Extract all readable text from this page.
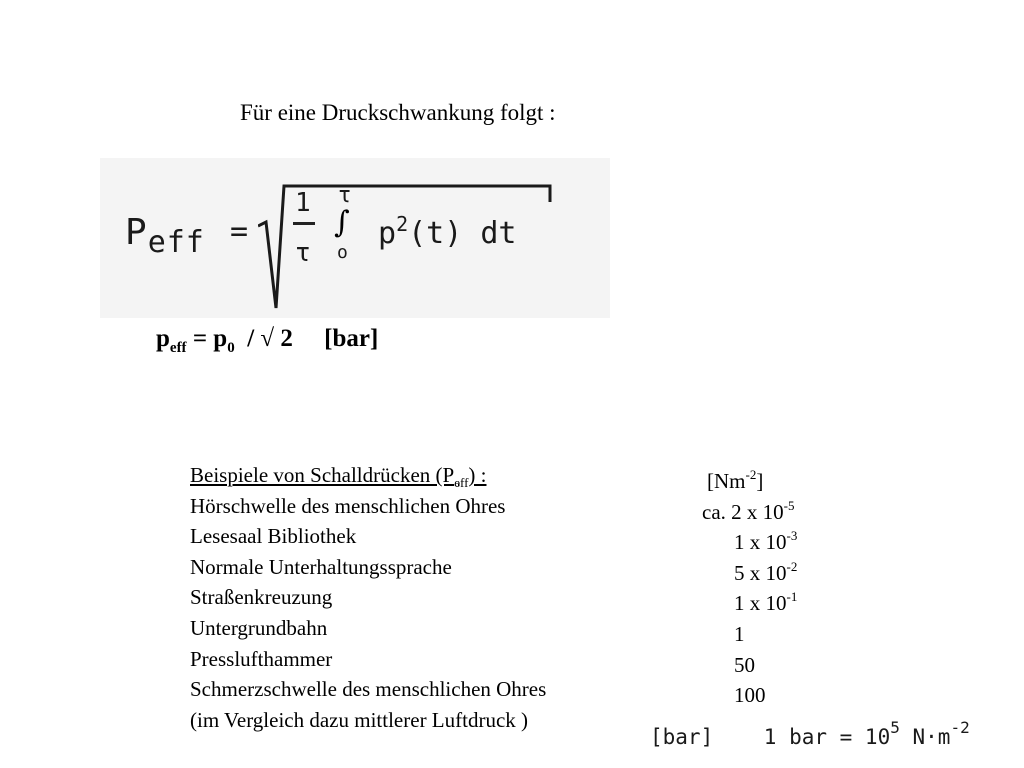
Für eine Druckschwankung folgt :
$P_{eff}$ =
1
τ
τ
∫
o
$p^2(t)$ dt
$p_{eff} = p_0$  / √ 2     [bar]
Beispiele von Schalldrücken $(P_{eff})$ :	$[Nm^{-2}]$
Hörschwelle des menschlichen Ohres	ca. 2 x $10^{-5}$
Lesesaal Bibliothek	1 x $10^{-3}$
Normale Unterhaltungssprache	5 x $10^{-2}$
Straßenkreuzung	1 x $10^{-1}$
Untergrundbahn	1
Presslufthammer	50
Schmerzschwelle des menschlichen Ohres	100
(im Vergleich dazu mittlerer Luftdruck )
[bar]    1 bar = $10^5$ $N\cdot m^{-2}$
